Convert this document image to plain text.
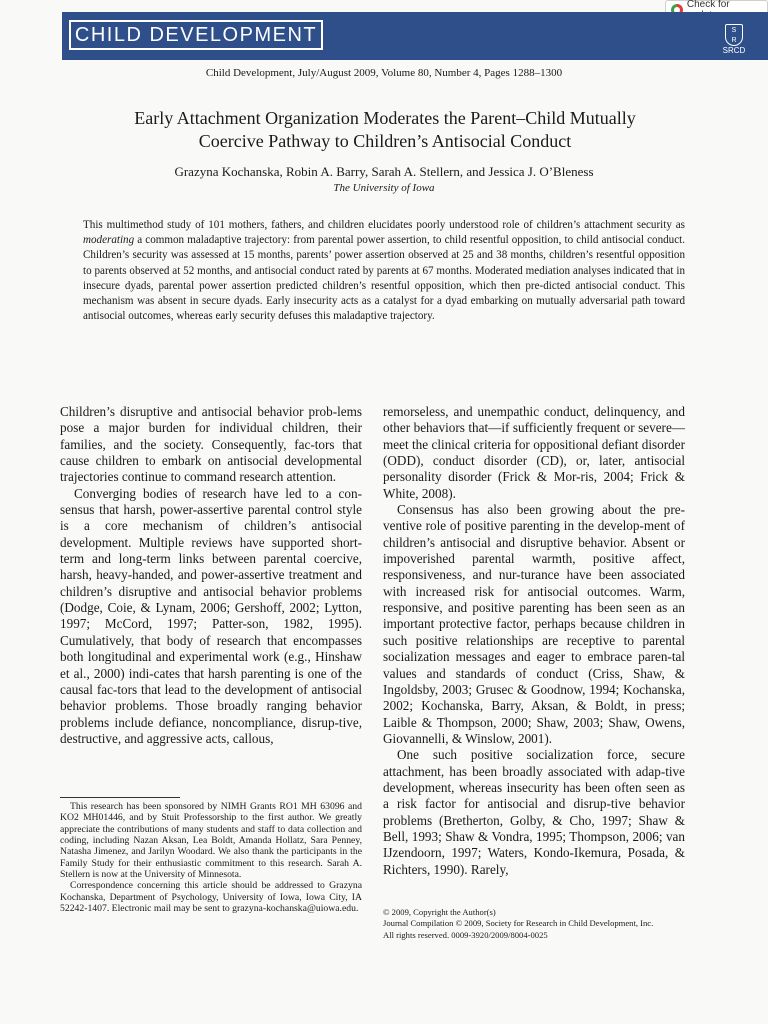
Check for
CHILD DEVELOPMENT	S
R
SRCD
Child Development, July/August 2009, Volume 80, Number 4, Pages 1288–1300
Early Attachment Organization Moderates the Parent–Child Mutually
Coercive Pathway to Children’s Antisocial Conduct
Grazyna Kochanska, Robin A. Barry, Sarah A. Stellern, and Jessica J. O’Bleness
The University of Iowa

This multimethod study of 101 mothers, fathers, and children elucidates poorly understood role of children’s attachment security as moderating a common maladaptive trajectory: from parental power assertion, to child resentful opposition, to child antisocial conduct. Children’s security was assessed at 15 months, parents’ power assertion observed at 25 and 38 months, children’s resentful opposition to parents observed at 52 months, and antisocial conduct rated by parents at 67 months. Moderated mediation analyses indicated that in insecure dyads, parental power assertion predicted children’s resentful opposition, which then pre-dicted antisocial conduct. This mechanism was absent in secure dyads. Early insecurity acts as a catalyst for a dyad embarking on mutually adversarial path toward antisocial outcomes, whereas early security defuses this maladaptive trajectory.

Children’s disruptive and antisocial behavior prob-lems pose a major burden for individual children, their families, and the society. Consequently, fac-tors that cause children to embark on antisocial developmental trajectories continue to command research attention.

Converging bodies of research have led to a con-sensus that harsh, power-assertive parental control style is a core mechanism of children’s antisocial development. Multiple reviews have supported short-term and long-term links between parental coercive, harsh, heavy-handed, and power-assertive treatment and children’s disruptive and antisocial behavior problems (Dodge, Coie, & Lynam, 2006; Gershoff, 2002; Lytton, 1997; McCord, 1997; Patter-son, 1982, 1995). Cumulatively, that body of research that encompasses both longitudinal and experimental work (e.g., Hinshaw et al., 2000) indi-cates that harsh parenting is one of the causal fac-tors that lead to the development of antisocial behavior problems. Those broadly ranging behavior problems include defiance, noncompliance, disrup-tive, destructive, and aggressive acts, callous,

remorseless, and unempathic conduct, delinquency, and other behaviors that—if sufficiently frequent or severe—meet the clinical criteria for oppositional defiant disorder (ODD), conduct disorder (CD), or, later, antisocial personality disorder (Frick & Mor-ris, 2004; Frick & White, 2008).

Consensus has also been growing about the pre-ventive role of positive parenting in the develop-ment of children’s antisocial and disruptive behavior. Absent or impoverished parental warmth, positive affect, responsiveness, and nur-turance have been associated with increased risk for antisocial outcomes. Warm, responsive, and positive parenting has been seen as an important protective factor, perhaps because children in such positive relationships are receptive to parental socialization messages and eager to embrace paren-tal values and standards of conduct (Criss, Shaw, & Ingoldsby, 2003; Grusec & Goodnow, 1994; Kochanska, 2002; Kochanska, Barry, Aksan, & Boldt, in press; Laible & Thompson, 2000; Shaw, 2003; Shaw, Owens, Giovannelli, & Winslow, 2001).

One such positive socialization force, secure attachment, has been broadly associated with adap-tive development, whereas insecurity has been often seen as a risk factor for antisocial and disrup-tive behavior problems (Bretherton, Golby, & Cho, 1997; Shaw & Bell, 1993; Shaw & Vondra, 1995; Thompson, 2006; van IJzendoorn, 1997; Waters, Kondo-Ikemura, Posada, & Richters, 1990). Rarely,

This research has been sponsored by NIMH Grants RO1 MH 63096 and KO2 MH01446, and by Stuit Professorship to the first author. We greatly appreciate the contributions of many students and staff to data collection and coding, including Nazan Aksan, Lea Boldt, Amanda Hollatz, Sara Penney, Natasha Jimenez, and Jarilyn Woodard. We also thank the participants in the Family Study for their enthusiastic commitment to this research. Sarah A. Stellern is now at the University of Minnesota.

Correspondence concerning this article should be addressed to Grazyna Kochanska, Department of Psychology, University of Iowa, Iowa City, IA 52242-1407. Electronic mail may be sent to grazyna-kochanska@uiowa.edu.	© 2009, Copyright the Author(s)

Journal Compilation © 2009, Society for Research in Child Development, Inc.

All rights reserved. 0009-3920/2009/8004-0025
